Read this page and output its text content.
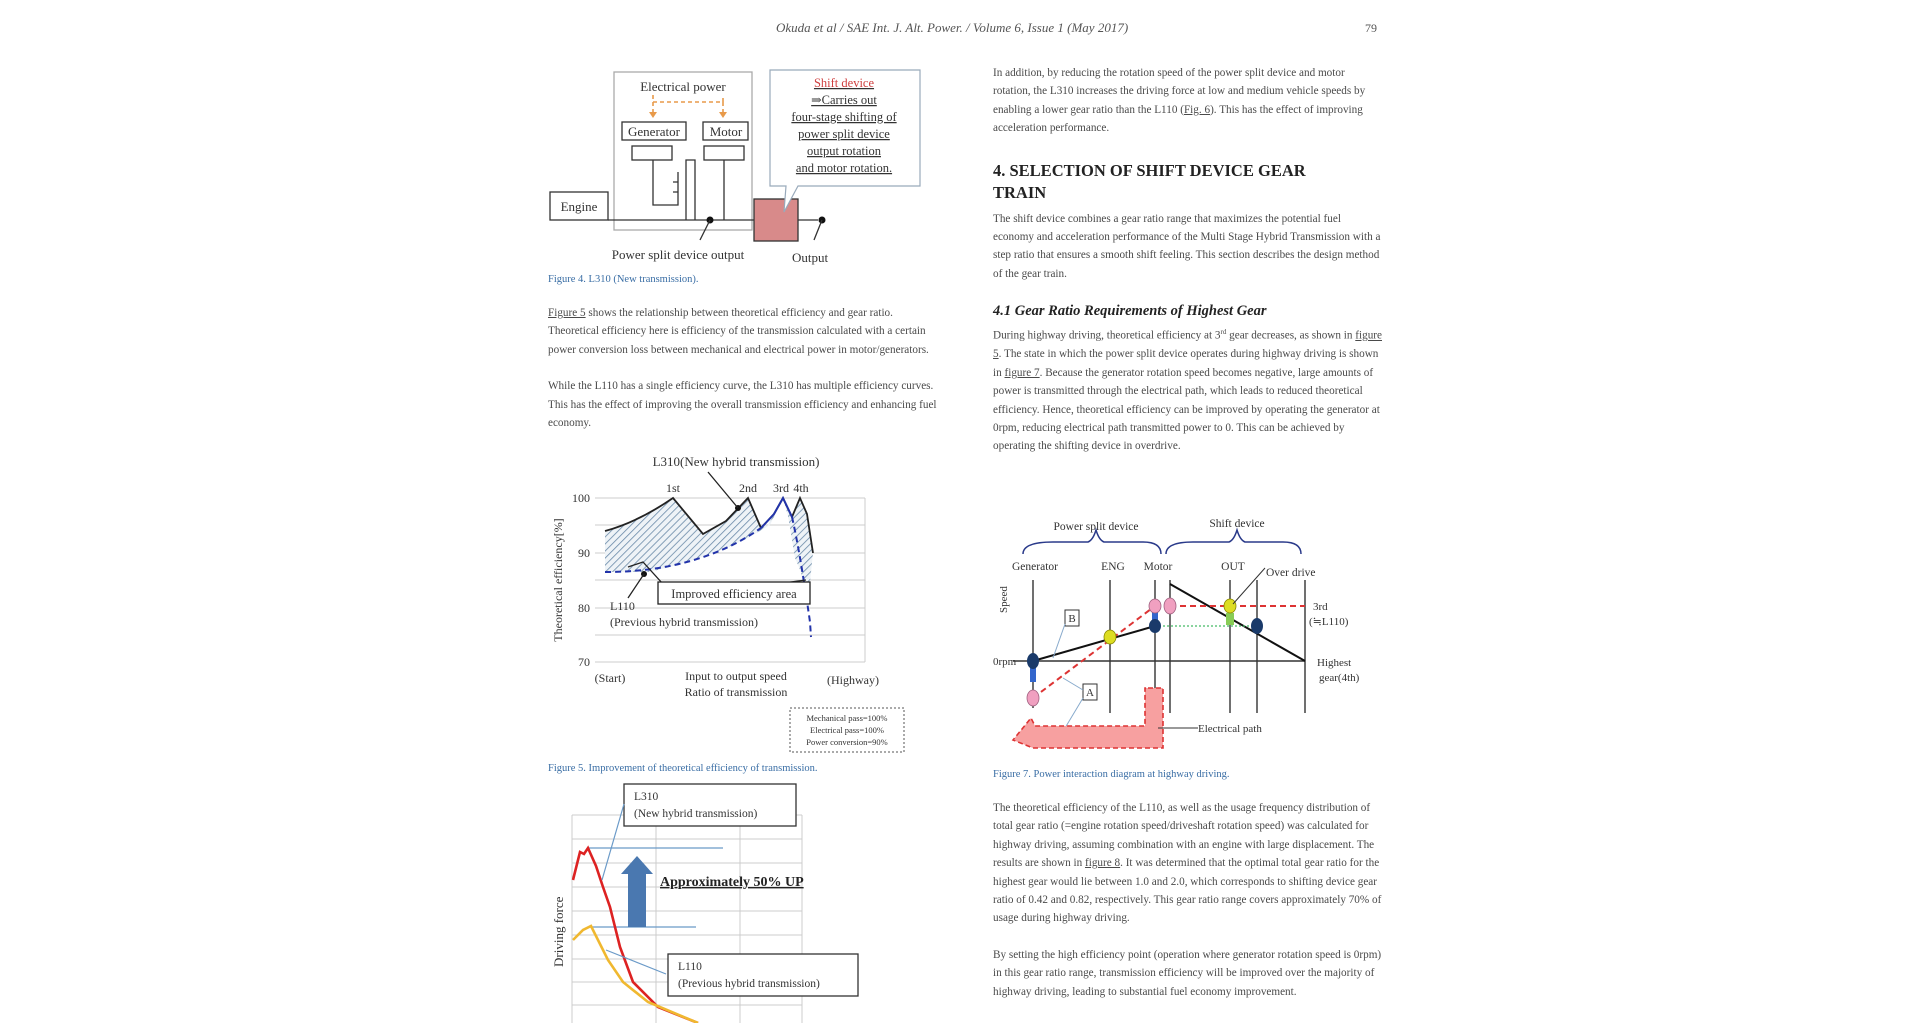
Okuda et al / SAE Int. J. Alt. Power. / Volume 6, Issue 1 (May 2017)	79
Electrical power
Generator Motor
Engine
Power split device output	Output
Shift device
⇒Carries out
four-stage shifting of
power split device
output rotation
and motor rotation.
Figure 4. L310 (New transmission).

Figure 5 shows the relationship between theoretical efficiency and gear ratio. Theoretical efficiency here is efficiency of the transmission calculated with a certain power conversion loss between mechanical and electrical power in motor/generators.

While the L110 has a single efficiency curve, the L310 has multiple efficiency curves. This has the effect of improving the overall transmission efficiency and enhancing fuel economy.

L310(New hybrid transmission)
100
90
80
70
Theoretical efficiency[%]
1st	2nd 3rd 4th
Improved efficiency area
L110
(Previous hybrid transmission)
(Start)	(Highway)
Input to output speed
Ratio of transmission
Mechanical pass=100%
Electrical pass=100%
Power conversion=90%
Figure 5. Improvement of theoretical efficiency of transmission.
Approximately 50% UP
L310
(New hybrid transmission)
L110
(Previous hybrid transmission)
Driving force

In addition, by reducing the rotation speed of the power split device and motor rotation, the L310 increases the driving force at low and medium vehicle speeds by enabling a lower gear ratio than the L110 (Fig. 6). This has the effect of improving acceleration performance.

4. SELECTION OF SHIFT DEVICE GEAR TRAIN

The shift device combines a gear ratio range that maximizes the potential fuel economy and acceleration performance of the Multi Stage Hybrid Transmission with a step ratio that ensures a smooth shift feeling. This section describes the design method of the gear train.

4.1 Gear Ratio Requirements of Highest Gear

During highway driving, theoretical efficiency at 3rd gear decreases, as shown in figure 5. The state in which the power split device operates during highway driving is shown in figure 7. Because the generator rotation speed becomes negative, large amounts of power is transmitted through the electrical path, which leads to reduced theoretical efficiency. Hence, theoretical efficiency can be improved by operating the generator at 0rpm, reducing electrical path transmitted power to 0. This can be achieved by operating the shifting device in overdrive.

Power split device	Shift device
Generator	ENG Motor	OUT Over drive
3rd
(≒L110)
Highest
gear(4th)
Speed
0rpm
B
A
Electrical path
Figure 7. Power interaction diagram at highway driving.

The theoretical efficiency of the L110, as well as the usage frequency distribution of total gear ratio (=engine rotation speed/driveshaft rotation speed) was calculated for highway driving, assuming combination with an engine with large displacement. The results are shown in figure 8. It was determined that the optimal total gear ratio for the highest gear would lie between 1.0 and 2.0, which corresponds to shifting device gear ratio of 0.42 and 0.82, respectively. This gear ratio range covers approximately 70% of usage during highway driving.

By setting the high efficiency point (operation where generator rotation speed is 0rpm) in this gear ratio range, transmission efficiency will be improved over the majority of highway driving, leading to substantial fuel economy improvement.
